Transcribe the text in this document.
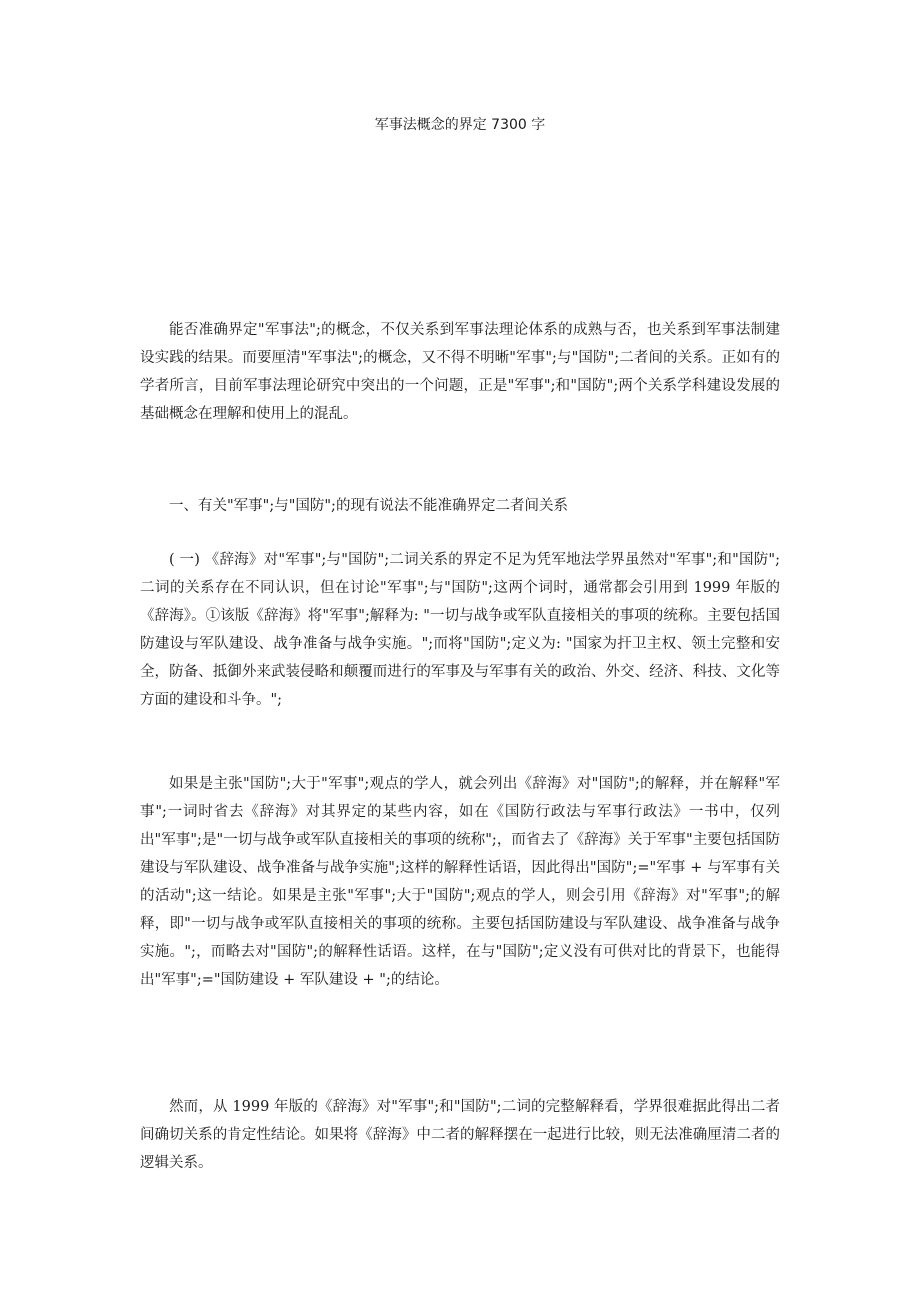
军事法概念的界定 7300 字

能否准确界定"军事法";的概念，不仅关系到军事法理论体系的成熟与否，也关系到军事法制建设实践的结果。而要厘清"军事法";的概念，又不得不明晰"军事";与"国防";二者间的关系。正如有的学者所言，目前军事法理论研究中突出的一个问题，正是"军事";和"国防";两个关系学科建设发展的基础概念在理解和使用上的混乱。

一、有关"军事";与"国防";的现有说法不能准确界定二者间关系

( 一) 《辞海》对"军事";与"国防";二词关系的界定不足为凭军地法学界虽然对"军事";和"国防";二词的关系存在不同认识，但在讨论"军事";与"国防";这两个词时，通常都会引用到 1999 年版的《辞海》。①该版《辞海》将"军事";解释为: "一切与战争或军队直接相关的事项的统称。主要包括国防建设与军队建设、战争准备与战争实施。";而将"国防";定义为: "国家为扞卫主权、领土完整和安全，防备、抵御外来武装侵略和颠覆而进行的军事及与军事有关的政治、外交、经济、科技、文化等方面的建设和斗争。";

如果是主张"国防";大于"军事";观点的学人，就会列出《辞海》对"国防";的解释，并在解释"军事";一词时省去《辞海》对其界定的某些内容，如在《国防行政法与军事行政法》一书中，仅列出"军事";是"一切与战争或军队直接相关的事项的统称";，而省去了《辞海》关于军事"主要包括国防建设与军队建设、战争准备与战争实施";这样的解释性话语，因此得出"国防";="军事 + 与军事有关的活动";这一结论。如果是主张"军事";大于"国防";观点的学人，则会引用《辞海》对"军事";的解释，即"一切与战争或军队直接相关的事项的统称。主要包括国防建设与军队建设、战争准备与战争实施。";，而略去对"国防";的解释性话语。这样，在与"国防";定义没有可供对比的背景下，也能得出"军事";="国防建设 + 军队建设 + ";的结论。

然而，从 1999 年版的《辞海》对"军事";和"国防";二词的完整解释看，学界很难据此得出二者间确切关系的肯定性结论。如果将《辞海》中二者的解释摆在一起进行比较，则无法准确厘清二者的逻辑关系。
